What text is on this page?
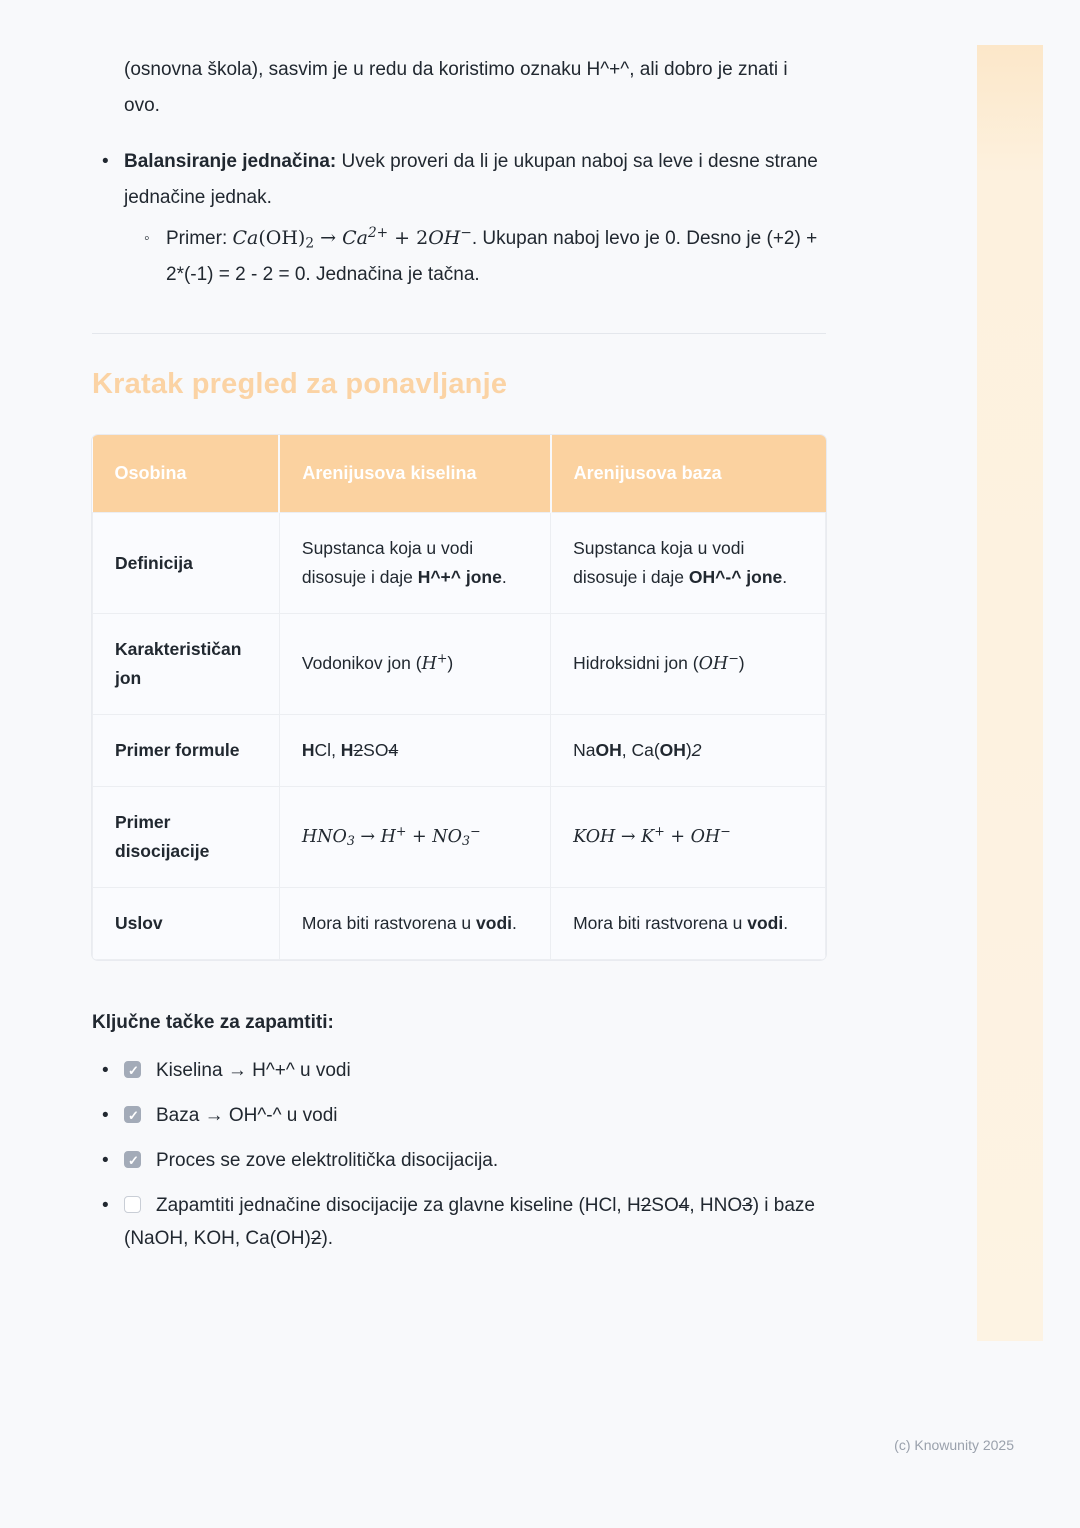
(osnovna škola), sasvim je u redu da koristimo oznaku H^+^, ali dobro je znati i ovo.

•
Balansiranje jednačina: Uvek proveri da li je ukupan naboj sa leve i desne strane jednačine jednak.
◦
Primer: $Ca(OH)_2 \to Ca^{2+} + 2OH^-$. Ukupan naboj levo je 0. Desno je (+2) + 2*(-1) = 2 - 2 = 0. Jednačina je tačna.
Kratak pregled za ponavljanje
Osobina	Arenijusova kiselina	Arenijusova baza
Definicija	Supstanca koja u vodi disosuje i daje H^+^ jone.	Supstanca koja u vodi disosuje i daje OH^-^ jone.
Karakterističan jon	Vodonikov jon (H+)	Hidroksidni jon (OH−)
Primer formule	HCl, H2SO4	NaOH, Ca(OH)2
Primer disocijacije	$HNO_3 \to H^+ + NO_3^-$	KOH → K+ + OH−
Uslov	Mora biti rastvorena u vodi.	Mora biti rastvorena u vodi.

Ključne tačke za zapamtiti:

•
✓Kiselina → H^+^ u vodi
•
✓Baza → OH^-^ u vodi
•
✓Proces se zove elektrolitička disocijacija.
•
Zapamtiti jednačine disocijacije za glavne kiseline (HCl, H2SO4, HNO3) i baze (NaOH, KOH, Ca(OH)2).
(c) Knowunity 2025
